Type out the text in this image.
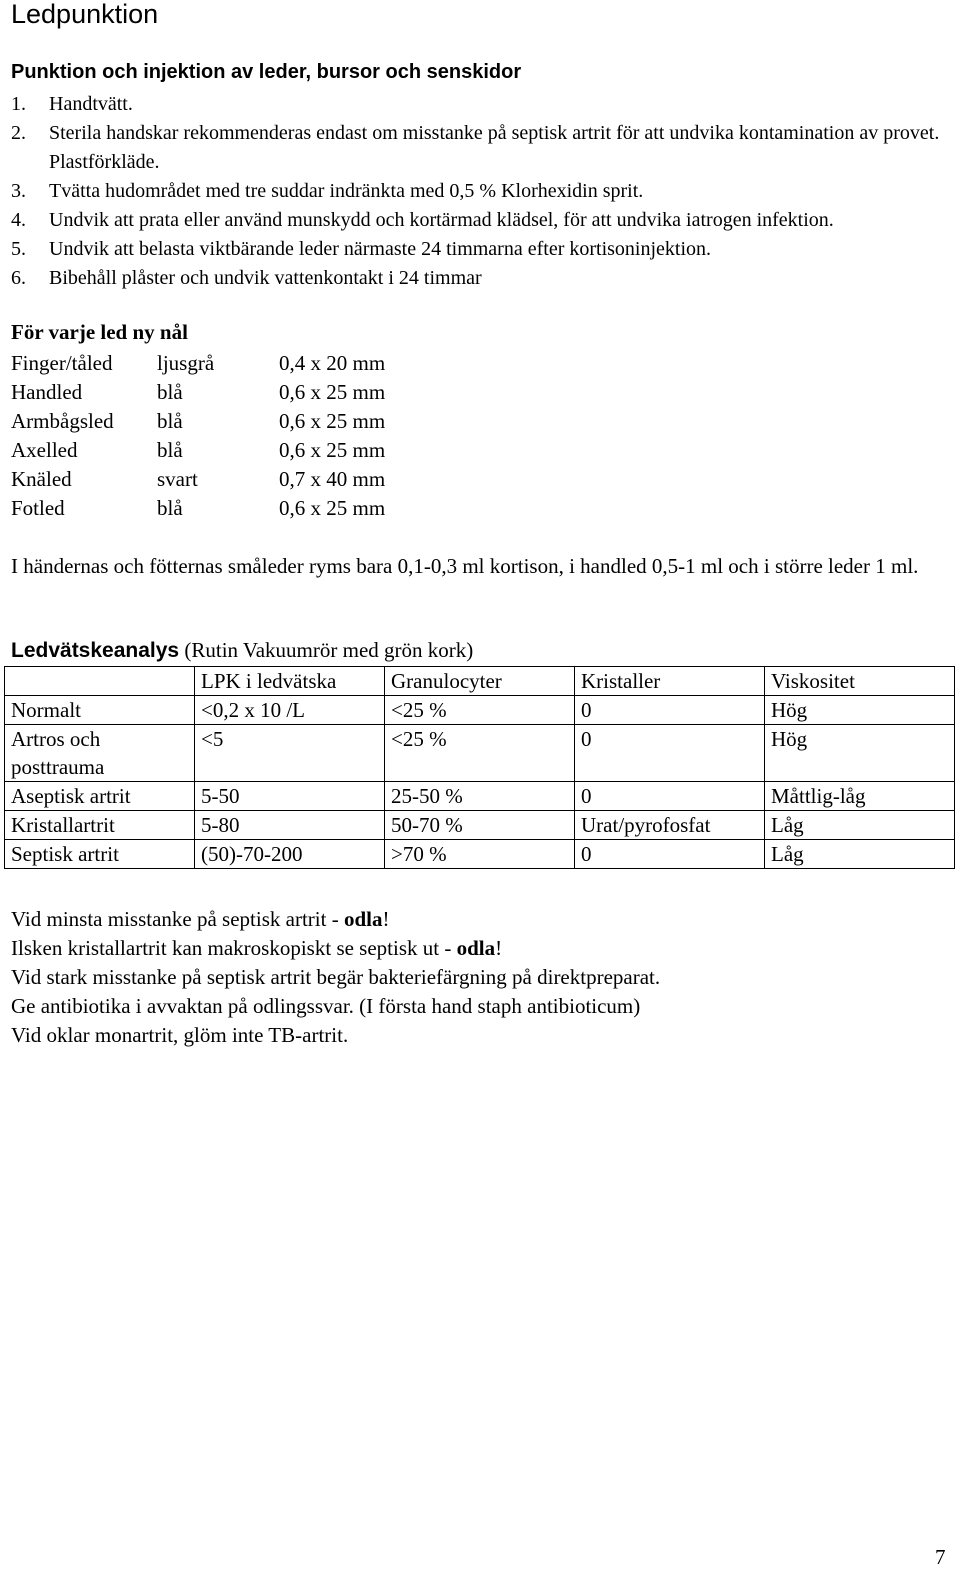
Ledpunktion
Punktion och injektion av leder, bursor och senskidor
1.	Handtvätt.
2.	Sterila handskar rekommenderas endast om misstanke på septisk artrit för att undvika kontamination av provet. Plastförkläde.
3.	Tvätta hudområdet med tre suddar indränkta med 0,5 % Klorhexidin sprit.
4.	Undvik att prata eller använd munskydd och kortärmad klädsel, för att undvika iatrogen infektion.
5.	Undvik att belasta viktbärande leder närmaste 24 timmarna efter kortisoninjektion.
6.	Bibehåll plåster och undvik vattenkontakt i 24 timmar
För varje led ny nål
Finger/tåled	ljusgrå	0,4 x 20 mm
Handled	blå	0,6 x 25 mm
Armbågsled	blå	0,6 x 25 mm
Axelled	blå	0,6 x 25 mm
Knäled	svart	0,7 x 40 mm
Fotled	blå	0,6 x 25 mm
I händernas och fötternas småleder ryms bara 0,1-0,3 ml kortison, i handled 0,5-1 ml och i större leder 1 ml.
Ledvätskeanalys (Rutin Vakuumrör med grön kork)
	LPK i ledvätska	Granulocyter	Kristaller	Viskositet
Normalt	<0,2 x 10 /L	<25 %	0	Hög
Artros och posttrauma	<5	<25 %	0	Hög
Aseptisk artrit	5-50	25-50 %	0	Måttlig-låg
Kristallartrit	5-80	50-70 %	Urat/pyrofosfat	Låg
Septisk artrit	(50)-70-200	>70 %	0	Låg
Vid minsta misstanke på septisk artrit - odla!
Ilsken kristallartrit kan makroskopiskt se septisk ut - odla!
Vid stark misstanke på septisk artrit begär bakteriefärgning på direktpreparat.
Ge antibiotika i avvaktan på odlingssvar. (I första hand staph antibioticum)
Vid oklar monartrit, glöm inte TB-artrit.
7
